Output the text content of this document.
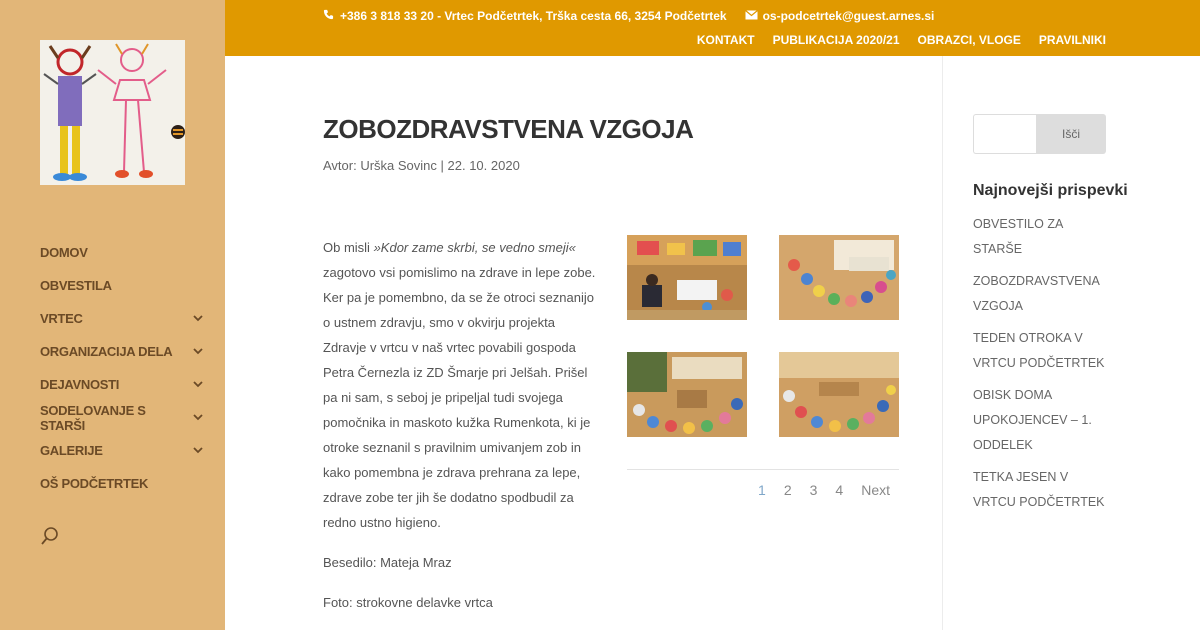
DOMOV
OBVESTILA
VRTEC
ORGANIZACIJA DELA
DEJAVNOSTI
SODELOVANJE S STARŠI
GALERIJE
OŠ PODČETRTEK
+386 3 818 33 20 - Vrtec Podčetrtek, Trška cesta 66, 3254 Podčetrtek	os-podcetrtek@guest.arnes.si
KONTAKT PUBLIKACIJA 2020/21 OBRAZCI, VLOGE PRAVILNIKI
ZOBOZDRAVSTVENA VZGOJA
Avtor: Urška Sovinc | 22. 10. 2020

Ob misli »Kdor zame skrbi, se vedno smeji« zagotovo vsi pomislimo na zdrave in lepe zobe. Ker pa je pomembno, da se že otroci seznanijo o ustnem zdravju, smo v okvirju projekta Zdravje v vrtcu v naš vrtec povabili gospoda Petra Černezla iz ZD Šmarje pri Jelšah. Prišel pa ni sam, s seboj je pripeljal tudi svojega pomočnika in maskoto kužka Rumenkota, ki je otroke seznanil s pravilnim umivanjem zob in kako pomembna je zdrava prehrana za lepe, zdrave zobe ter jih še dodatno spodbudil za redno ustno higieno.

Besedilo: Mateja Mraz

Foto: strokovne delavke vrtca

1 2 3 4 Next
Išči
Najnovejši prispevki
OBVESTILO ZA STARŠE
ZOBOZDRAVSTVENA VZGOJA
TEDEN OTROKA V VRTCU PODČETRTEK
OBISK DOMA UPOKOJENCEV – 1. ODDELEK
TETKA JESEN V VRTCU PODČETRTEK
